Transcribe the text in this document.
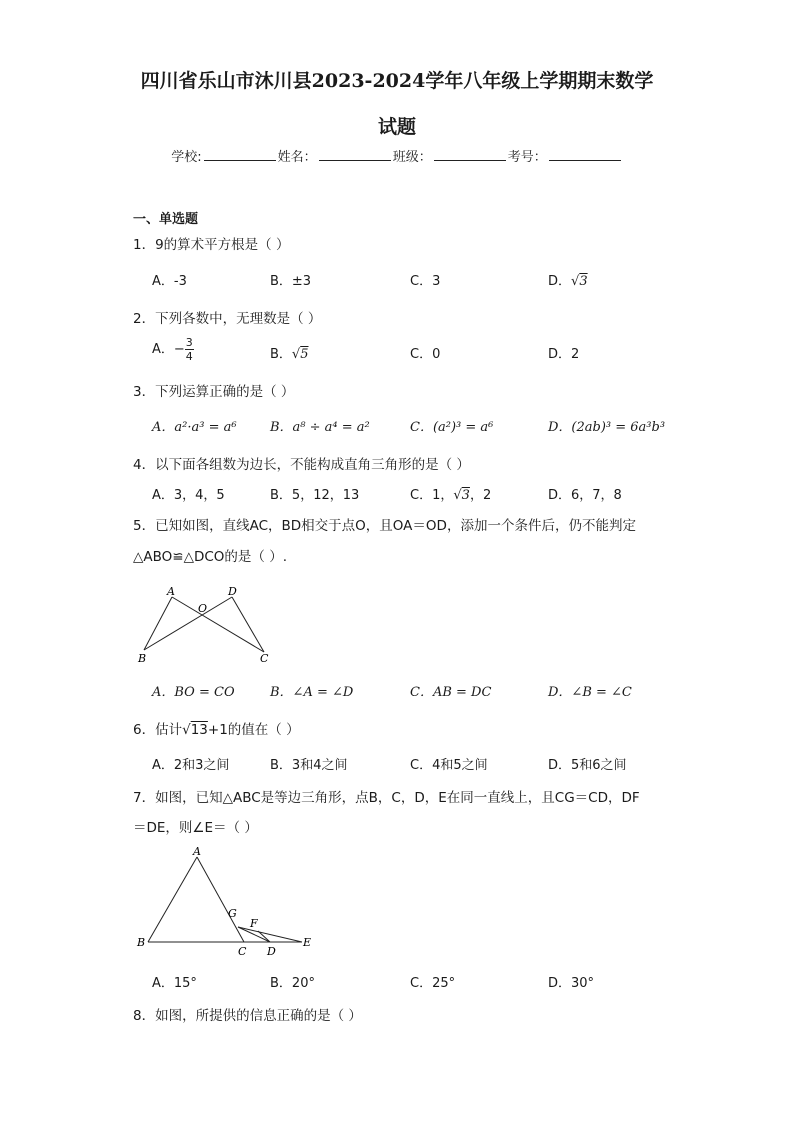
四川省乐山市沐川县2023-2024学年八年级上学期期末数学
试题
学校:	姓名：	班级：	考号：
一、单选题
1．9的算术平方根是（ ）
A．-3	B．±3	C．3	D．√3
2．下列各数中，无理数是（ ）
A．− $\frac{3}{4}$	B．√5	C．0	D．2
3．下列运算正确的是（ ）
A．a²·a³ = a⁶	B．a⁸ ÷ a⁴ = a²	C．(a²)³ = a⁶	D．(2ab)³ = 6a³b³
4．以下面各组数为边长，不能构成直角三角形的是（ ）
A．3，4，5	B．5，12，13	C．1，√3，2	D．6，7，8
5．已知如图，直线AC，BD相交于点O，且OA＝OD，添加一个条件后，仍不能判定
△ABO≌△DCO的是（ ）.
A	D
O
B	C
A．BO = CO	B．∠A = ∠D	C．AB = DC	D．∠B = ∠C
6．估计√13+1的值在（ ）
A．2和3之间	B．3和4之间	C．4和5之间	D．5和6之间
7．如图，已知△ABC是等边三角形，点B，C，D，E在同一直线上，且CG＝CD，DF
＝DE，则∠E＝（ ）
A
B
C D
E
F
G
A．15°	B．20°	C．25°	D．30°
8．如图，所提供的信息正确的是（ ）
